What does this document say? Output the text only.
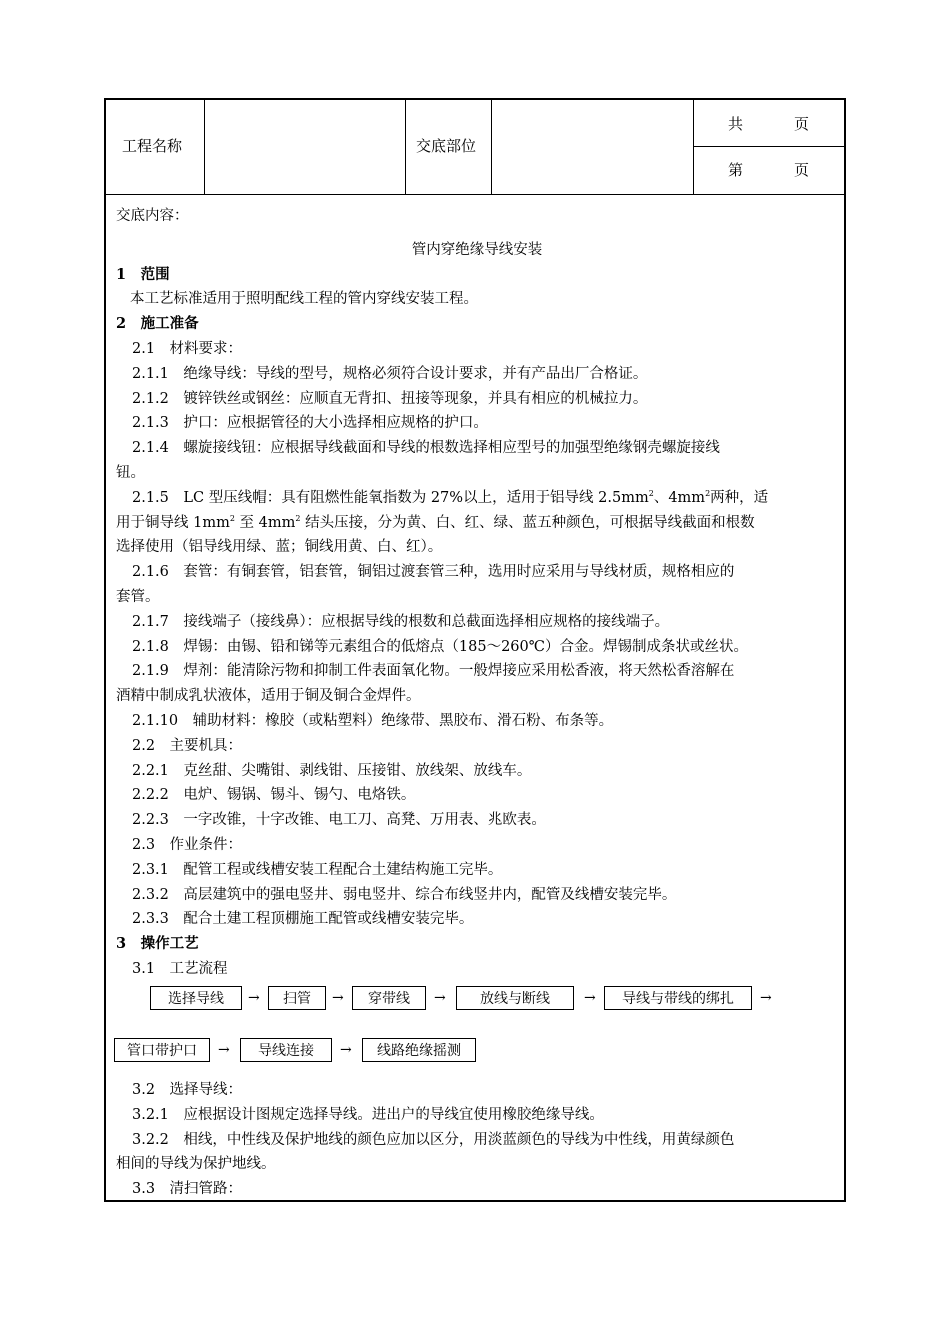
工程名称	交底部位
共	页
第	页
交底内容：
管内穿绝缘导线安装
1　范围
本工艺标准适用于照明配线工程的管内穿线安装工程。
2　施工准备
2.1　材料要求：
2.1.1　绝缘导线：导线的型号，规格必须符合设计要求，并有产品出厂合格证。
2.1.2　镀锌铁丝或钢丝：应顺直无背扣、扭接等现象，并具有相应的机械拉力。
2.1.3　护口：应根据管径的大小选择相应规格的护口。
2.1.4　螺旋接线钮：应根据导线截面和导线的根数选择相应型号的加强型绝缘钢壳螺旋接线
钮。
2.1.5　LC 型压线帽：具有阻燃性能氧指数为 27%以上，适用于铝导线 $2.5mm^2$、$4mm^2$两种，适
用于铜导线 $1mm^2$ 至 $4mm^2$ 结头压接，分为黄、白、红、绿、蓝五种颜色，可根据导线截面和根数
选择使用（铝导线用绿、蓝；铜线用黄、白、红）。
2.1.6　套管：有铜套管，铝套管，铜铝过渡套管三种，选用时应采用与导线材质，规格相应的
套管。
2.1.7　接线端子（接线鼻）：应根据导线的根数和总截面选择相应规格的接线端子。
2.1.8　焊锡：由锡、铅和锑等元素组合的低熔点（185～260℃）合金。焊锡制成条状或丝状。
2.1.9　焊剂：能清除污物和抑制工件表面氧化物。一般焊接应采用松香液，将天然松香溶解在
酒精中制成乳状液体，适用于铜及铜合金焊件。
2.1.10　辅助材料：橡胶（或粘塑料）绝缘带、黑胶布、滑石粉、布条等。
2.2　主要机具：
2.2.1　克丝甜、尖嘴钳、剥线钳、压接钳、放线架、放线车。
2.2.2　电炉、锡锅、锡斗、锡勺、电烙铁。
2.2.3　一字改锥，十字改锥、电工刀、高凳、万用表、兆欧表。
2.3　作业条件：
2.3.1　配管工程或线槽安装工程配合土建结构施工完毕。
2.3.2　高层建筑中的强电竖井、弱电竖井、综合布线竖井内，配管及线槽安装完毕。
2.3.3　配合土建工程顶棚施工配管或线槽安装完毕。
3　操作工艺
3.1　工艺流程
选择导线	→	扫管	→	穿带线	→	放线与断线	→	导线与带线的绑扎	→
管口带护口	→	导线连接	→	线路绝缘摇测
3.2　选择导线：
3.2.1　应根据设计图规定选择导线。进出户的导线宜使用橡胶绝缘导线。
3.2.2　相线，中性线及保护地线的颜色应加以区分，用淡蓝颜色的导线为中性线，用黄绿颜色
相间的导线为保护地线。
3.3　清扫管路：
